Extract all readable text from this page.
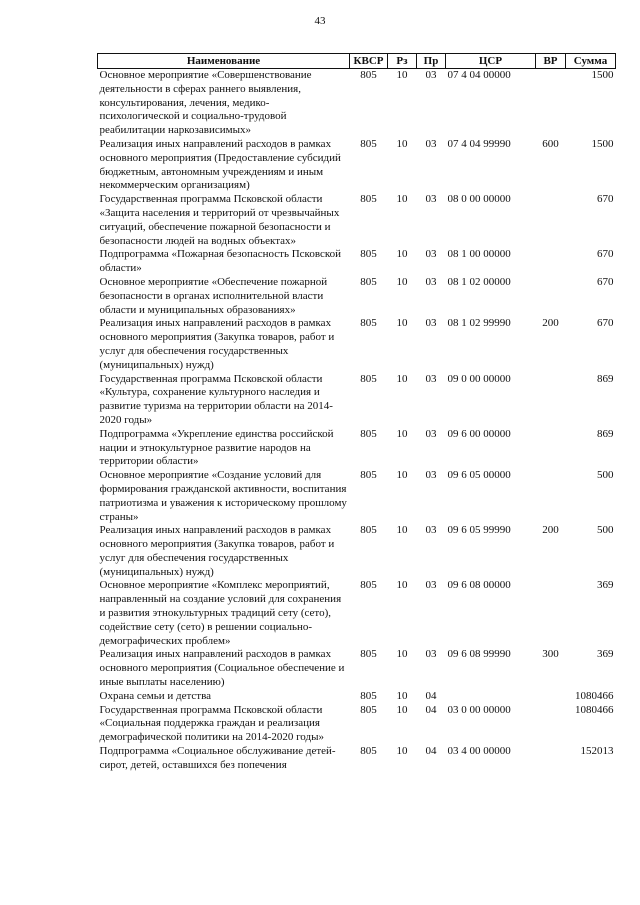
43
Наименование	КВСР	Рз	Пр	ЦСР	ВР	Сумма
Основное мероприятие «Совершенствование деятельности в сферах раннего выявления, консультирования, лечения, медико-психологической и социально-трудовой реабилитации наркозависимых»	805	10	03	07 4 04 00000		1500
Реализация иных направлений расходов в рамках основного мероприятия (Предоставление субсидий бюджетным, автономным учреждениям и иным некоммерческим организациям)	805	10	03	07 4 04 99990	600	1500
Государственная программа Псковской области «Защита населения и территорий от чрезвычайных ситуаций, обеспечение пожарной безопасности и безопасности людей на водных объектах»	805	10	03	08 0 00 00000		670
Подпрограмма «Пожарная безопасность Псковской области»	805	10	03	08 1 00 00000		670
Основное мероприятие «Обеспечение пожарной безопасности в органах исполнительной власти области и муниципальных образованиях»	805	10	03	08 1 02 00000		670
Реализация иных направлений расходов в рамках основного мероприятия (Закупка товаров, работ и услуг для обеспечения государственных (муниципальных) нужд)	805	10	03	08 1 02 99990	200	670
Государственная программа Псковской области «Культура, сохранение культурного наследия и развитие туризма на территории области на 2014-2020 годы»	805	10	03	09 0 00 00000		869
Подпрограмма «Укрепление единства российской нации и этнокультурное развитие народов на территории области»	805	10	03	09 6 00 00000		869
Основное мероприятие «Создание условий для формирования гражданской активности, воспитания патриотизма и уважения к историческому прошлому страны»	805	10	03	09 6 05 00000		500
Реализация иных направлений расходов в рамках основного мероприятия (Закупка товаров, работ и услуг для обеспечения государственных (муниципальных) нужд)	805	10	03	09 6 05 99990	200	500
Основное мероприятие «Комплекс мероприятий, направленный на создание условий для сохранения и развития этнокультурных традиций сету (сето), содействие сету (сето) в решении социально-демографических проблем»	805	10	03	09 6 08 00000		369
Реализация иных направлений расходов в рамках основного мероприятия (Социальное обеспечение и иные выплаты населению)	805	10	03	09 6 08 99990	300	369
Охрана семьи и детства	805	10	04			1080466
Государственная программа Псковской области «Социальная поддержка граждан и реализация демографической политики на 2014-2020 годы»	805	10	04	03 0 00 00000		1080466
Подпрограмма «Социальное обслуживание детей-сирот, детей, оставшихся без попечения	805	10	04	03 4 00 00000		152013
